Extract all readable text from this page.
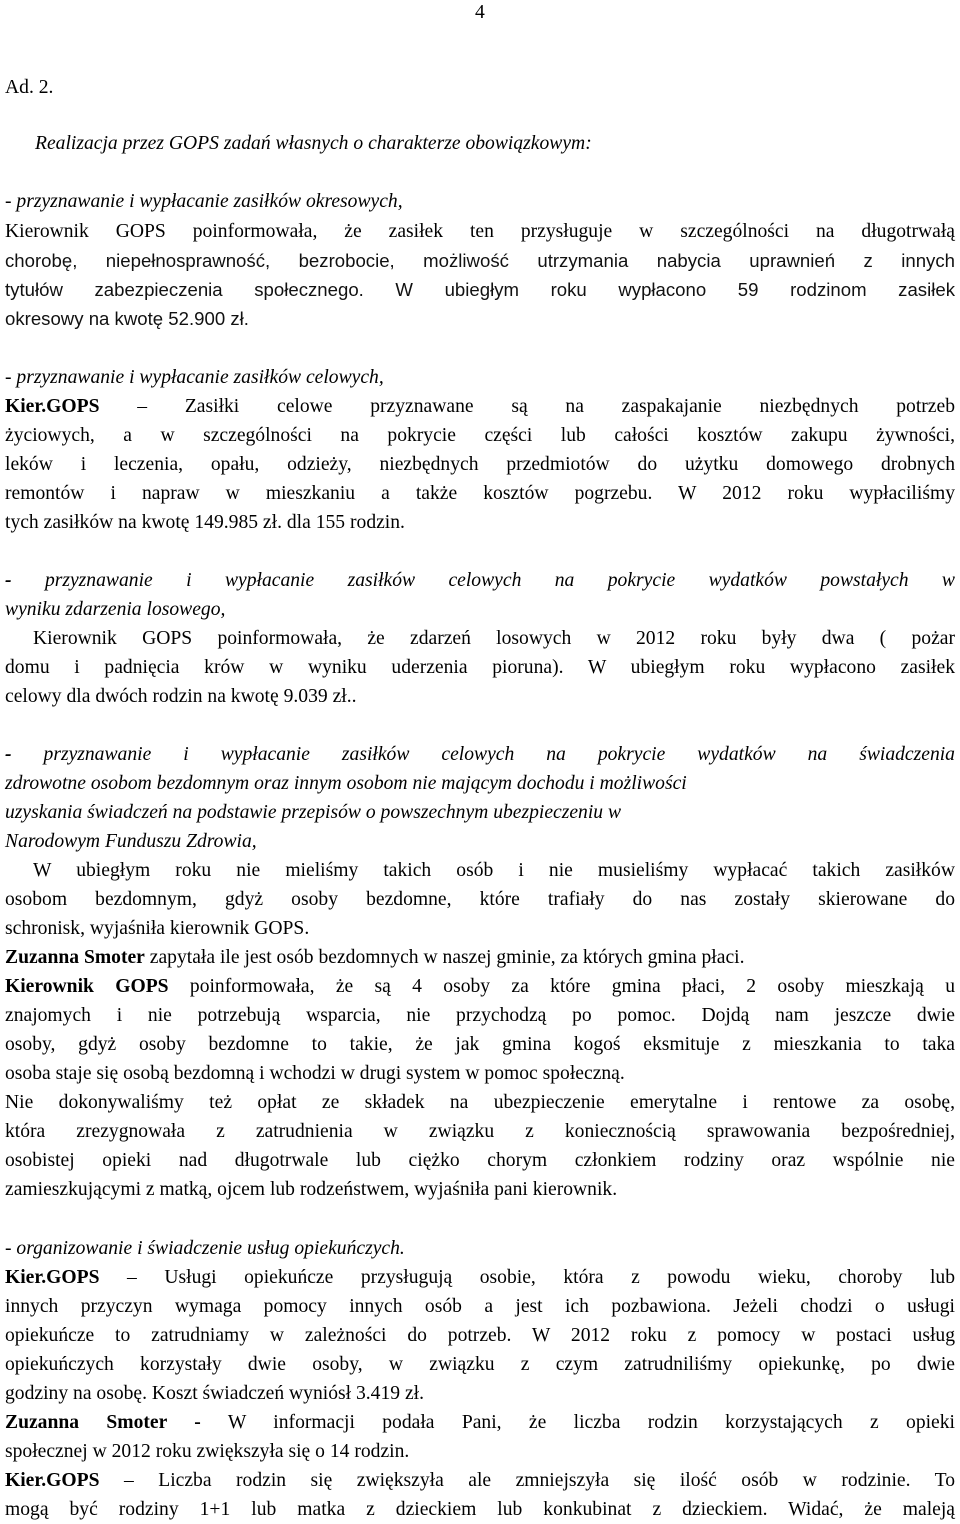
4
Ad. 2.
Realizacja przez GOPS zadań własnych o charakterze obowiązkowym:
- przyznawanie i wypłacanie zasiłków okresowych,
Kierownik GOPS poinformowała, że zasiłek ten przysługuje w szczególności na długotrwałą
chorobę, niepełnosprawność, bezrobocie, możliwość utrzymania nabycia uprawnień z innych
tytułów zabezpieczenia społecznego. W ubiegłym roku wypłacono 59 rodzinom zasiłek
okresowy na kwotę 52.900 zł.
- przyznawanie i wypłacanie zasiłków celowych,
Kier.GOPS – Zasiłki celowe przyznawane są na zaspakajanie niezbędnych potrzeb
życiowych, a w szczególności na pokrycie części lub całości kosztów zakupu żywności,
leków i leczenia, opału, odzieży, niezbędnych przedmiotów do użytku domowego drobnych
remontów i napraw w mieszkaniu a także kosztów pogrzebu. W 2012 roku wypłaciliśmy
tych zasiłków na kwotę 149.985 zł. dla 155 rodzin.
- przyznawanie i wypłacanie zasiłków celowych na pokrycie wydatków powstałych w
wyniku zdarzenia losowego,
Kierownik GOPS poinformowała, że zdarzeń losowych w 2012 roku były dwa ( pożar
domu i padnięcia krów w wyniku uderzenia pioruna). W ubiegłym roku wypłacono zasiłek
celowy dla dwóch rodzin na kwotę 9.039 zł..
- przyznawanie i wypłacanie zasiłków celowych na pokrycie wydatków na świadczenia
zdrowotne osobom bezdomnym oraz innym osobom nie mającym dochodu i możliwości
uzyskania świadczeń na podstawie przepisów o powszechnym ubezpieczeniu w
Narodowym Funduszu Zdrowia,
W ubiegłym roku nie mieliśmy takich osób i nie musieliśmy wypłacać takich zasiłków
osobom bezdomnym, gdyż osoby bezdomne, które trafiały do nas zostały skierowane do
schronisk, wyjaśniła kierownik GOPS.
Zuzanna Smoter zapytała ile jest osób bezdomnych w naszej gminie, za których gmina płaci.
Kierownik GOPS poinformowała, że są 4 osoby za które gmina płaci, 2 osoby mieszkają u
znajomych i nie potrzebują wsparcia, nie przychodzą po pomoc. Dojdą nam jeszcze dwie
osoby, gdyż osoby bezdomne to takie, że jak gmina kogoś eksmituje z mieszkania to taka
osoba staje się osobą bezdomną i wchodzi w drugi system w pomoc społeczną.
Nie dokonywaliśmy też opłat ze składek na ubezpieczenie emerytalne i rentowe za osobę,
która zrezygnowała z zatrudnienia w związku z koniecznością sprawowania bezpośredniej,
osobistej opieki nad długotrwale lub ciężko chorym członkiem rodziny oraz wspólnie nie
zamieszkującymi z matką, ojcem lub rodzeństwem, wyjaśniła pani kierownik.
- organizowanie i świadczenie usług opiekuńczych.
Kier.GOPS – Usługi opiekuńcze przysługują osobie, która z powodu wieku, choroby lub
innych przyczyn wymaga pomocy innych osób a jest ich pozbawiona. Jeżeli chodzi o usługi
opiekuńcze to zatrudniamy w zależności do potrzeb. W 2012 roku z pomocy w postaci usług
opiekuńczych korzystały dwie osoby, w związku z czym zatrudniliśmy opiekunkę, po dwie
godziny na osobę. Koszt świadczeń wyniósł 3.419 zł.
Zuzanna Smoter - W informacji podała Pani, że liczba rodzin korzystających z opieki
społecznej w 2012 roku zwiększyła się o 14 rodzin.
Kier.GOPS – Liczba rodzin się zwiększyła ale zmniejszyła się ilość osób w rodzinie. To
mogą być rodziny 1+1 lub matka z dzieckiem lub konkubinat z dzieckiem. Widać, że maleją
